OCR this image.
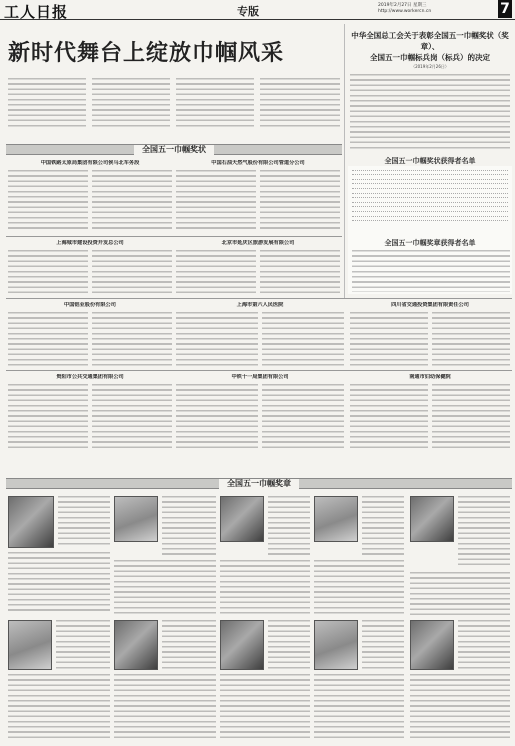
工人日报	专版	2019年2月27日 星期三
http://www.workercn.cn	7
新时代舞台上绽放巾帼风采
中华全国总工会关于表彰全国五一巾帼奖状（奖章）、
全国五一巾帼标兵岗（标兵）的决定
（2019年2月26日）
全国五一巾帼奖状
全国五一巾帼奖状获得者名单
全国五一巾帼奖章获得者名单
中国铁路太原局集团有限公司侯马北车务段	中国石油天然气股份有限公司管道分公司
上海城市建设投资开发总公司	北京市延庆区旅游发展有限公司
中国铝业股份有限公司	上海市第六人民医院	四川省交通投资集团有限责任公司
贵阳市公共交通集团有限公司	中铁十一局集团有限公司	南通市妇幼保健院
全国五一巾帼奖章
